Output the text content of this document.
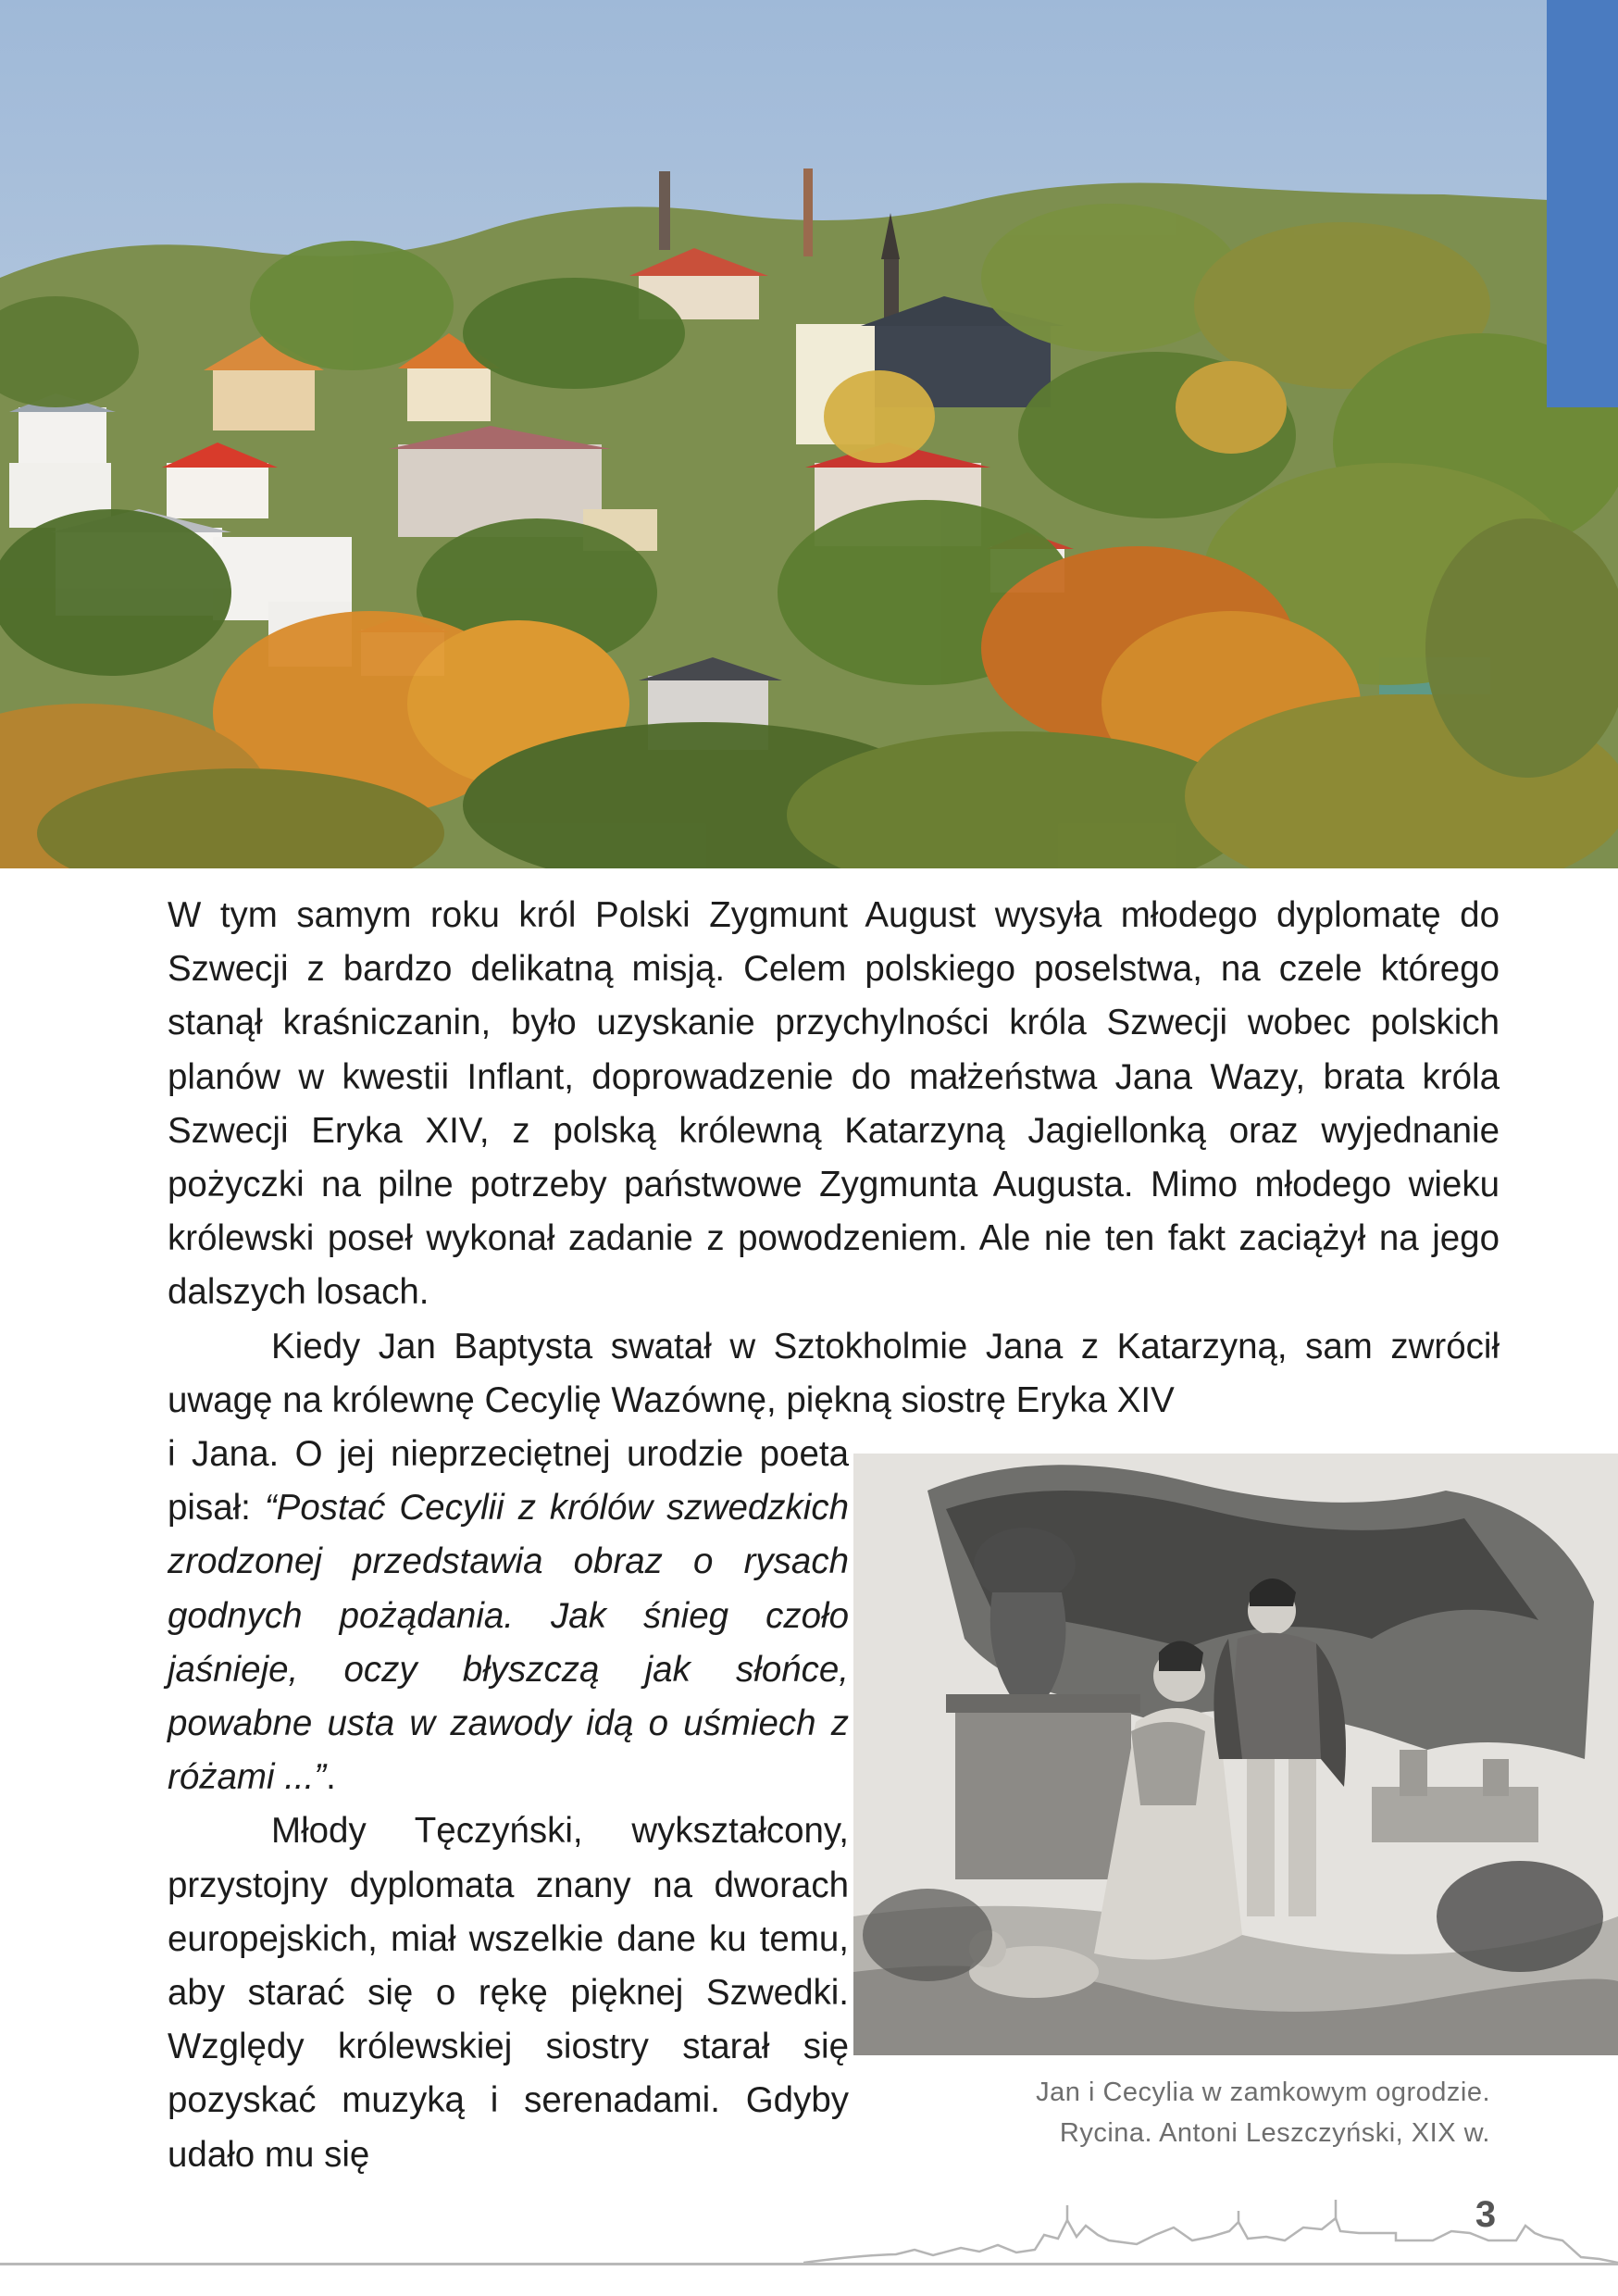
W tym samym roku król Polski Zygmunt August wysyła młodego dyplomatę do Szwecji z bardzo delikatną misją. Celem polskiego poselstwa, na czele którego stanął kraśniczanin, było uzyskanie przychylności króla Szwecji wobec polskich planów w kwestii Inflant, doprowadzenie do małżeństwa Jana Wazy, brata króla Szwecji Eryka XIV, z polską królewną Katarzyną Jagiellonką oraz wyjednanie pożyczki na pilne potrzeby państwowe Zygmunta Augusta. Mimo młodego wieku królewski poseł wykonał zadanie z powodzeniem. Ale nie ten fakt zaciążył na jego dalszych losach.

Kiedy Jan Baptysta swatał w Sztokholmie Jana z Katarzyną, sam zwrócił uwagę na królewnę Cecylię Wazównę, piękną siostrę Eryka XIV

i Jana. O jej nieprzeciętnej urodzie poeta pisał: “Postać Cecylii z królów szwedzkich zrodzonej przedstawia obraz o rysach godnych pożądania. Jak śnieg czoło jaśnieje, oczy błyszczą jak słońce, powabne usta w zawody idą o uśmiech z różami ...”.

Młody Tęczyński, wykształcony, przystojny dyplomata znany na dworach europejskich, miał wszelkie dane ku temu, aby starać się o rękę pięknej Szwedki. Względy królewskiej siostry starał się pozyskać muzyką i serenadami. Gdyby udało mu się

Jan i Cecylia w zamkowym ogrodzie.
Rycina. Antoni Leszczyński, XIX w.
3
